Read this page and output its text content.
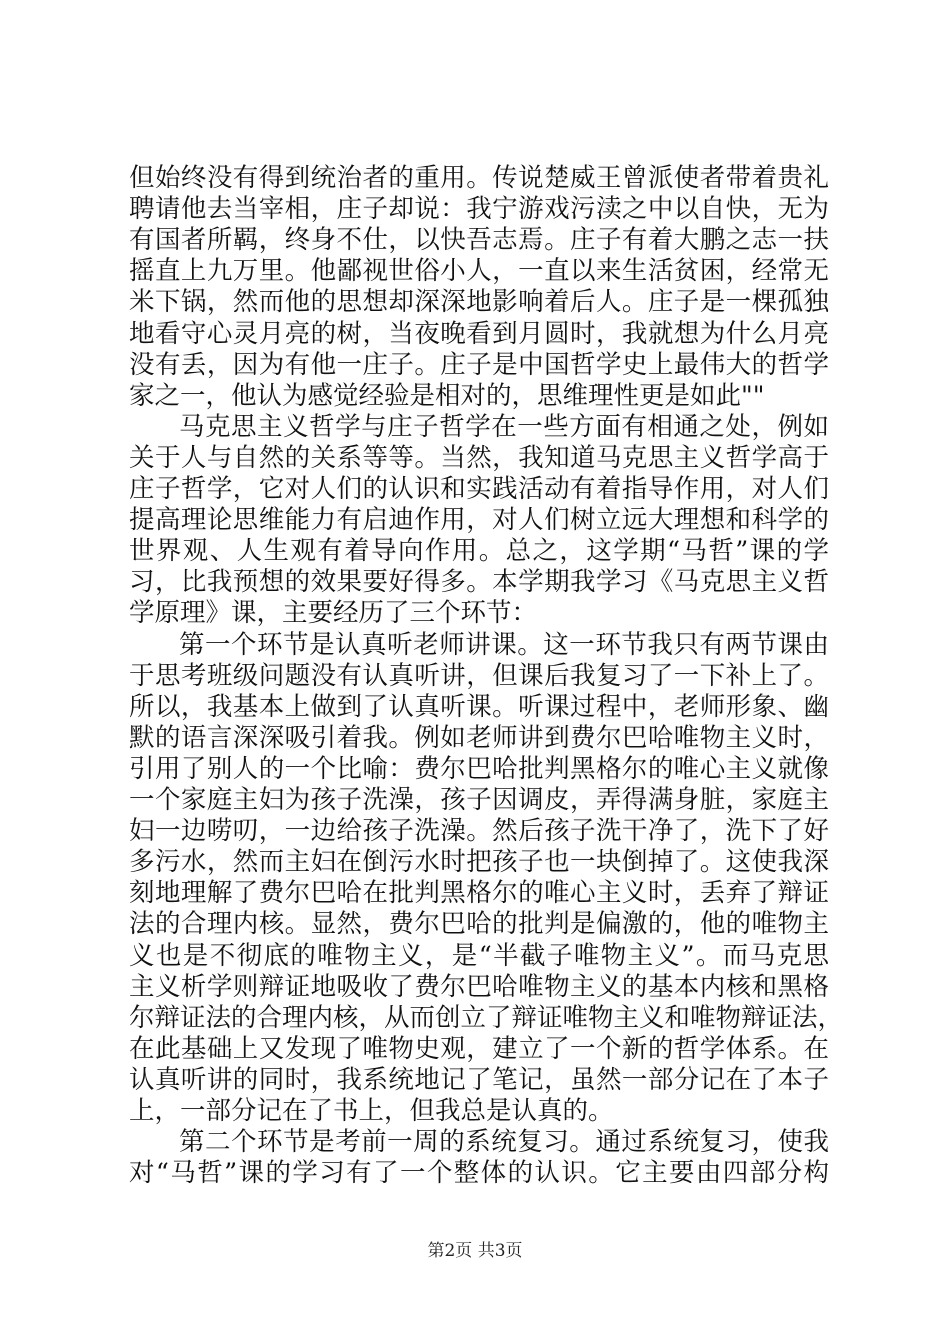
但始终没有得到统治者的重用。传说楚威王曾派使者带着贵礼
聘请他去当宰相，庄子却说：我宁游戏污渎之中以自快，无为
有国者所羁，终身不仕，以快吾志焉。庄子有着大鹏之志一扶
摇直上九万里。他鄙视世俗小人，一直以来生活贫困，经常无
米下锅，然而他的思想却深深地影响着后人。庄子是一棵孤独
地看守心灵月亮的树，当夜晚看到月圆时，我就想为什么月亮
没有丢，因为有他一庄子。庄子是中国哲学史上最伟大的哲学
家之一，他认为感觉经验是相对的，思维理性更是如此""
马克思主义哲学与庄子哲学在一些方面有相通之处，例如
关于人与自然的关系等等。当然，我知道马克思主义哲学高于
庄子哲学，它对人们的认识和实践活动有着指导作用，对人们
提高理论思维能力有启迪作用，对人们树立远大理想和科学的
世界观、人生观有着导向作用。总之，这学期“马哲”课的学
习，比我预想的效果要好得多。本学期我学习《马克思主义哲
学原理》课，主要经历了三个环节：
第一个环节是认真听老师讲课。这一环节我只有两节课由
于思考班级问题没有认真听讲，但课后我复习了一下补上了。
所以，我基本上做到了认真听课。听课过程中，老师形象、幽
默的语言深深吸引着我。例如老师讲到费尔巴哈唯物主义时，
引用了别人的一个比喻：费尔巴哈批判黑格尔的唯心主义就像
一个家庭主妇为孩子洗澡，孩子因调皮，弄得满身脏，家庭主
妇一边唠叨，一边给孩子洗澡。然后孩子洗干净了，洗下了好
多污水，然而主妇在倒污水时把孩子也一块倒掉了。这使我深
刻地理解了费尔巴哈在批判黑格尔的唯心主义时，丢弃了辩证
法的合理内核。显然，费尔巴哈的批判是偏激的，他的唯物主
义也是不彻底的唯物主义，是“半截子唯物主义”。而马克思
主义析学则辩证地吸收了费尔巴哈唯物主义的基本内核和黑格
尔辩证法的合理内核，从而创立了辩证唯物主义和唯物辩证法，
在此基础上又发现了唯物史观，建立了一个新的哲学体系。在
认真听讲的同时，我系统地记了笔记，虽然一部分记在了本子
上，一部分记在了书上，但我总是认真的。
第二个环节是考前一周的系统复习。通过系统复习，使我
对“马哲”课的学习有了一个整体的认识。它主要由四部分构
第2页 共3页
